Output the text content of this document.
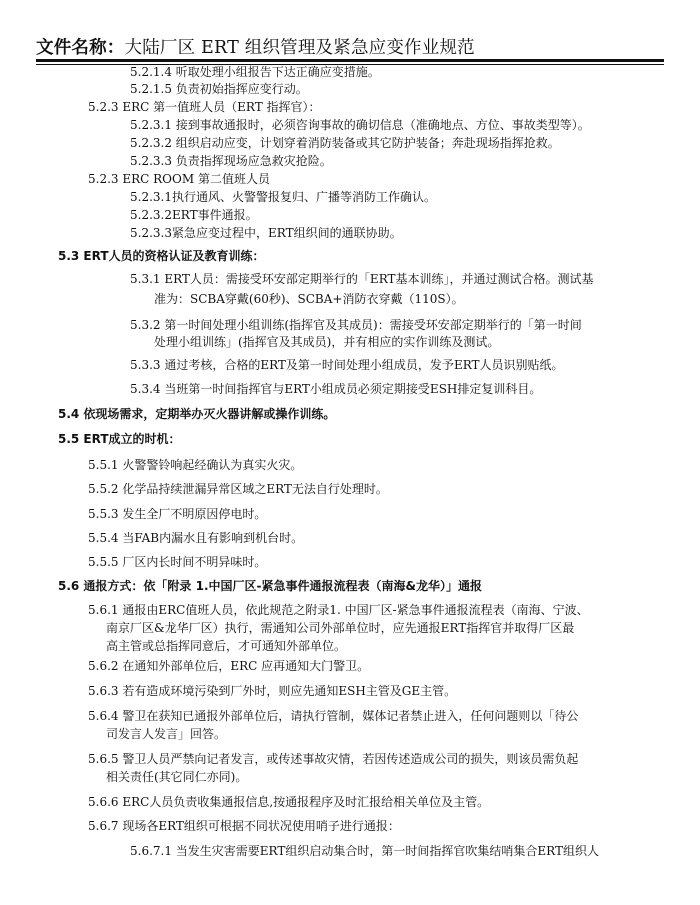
文件名称：大陆厂区 ERT 组织管理及紧急应变作业规范
5.2.1.4 听取处理小组报告下达正确应变措施。
5.2.1.5 负责初始指挥应变行动。
5.2.3 ERC 第一值班人员（ERT 指挥官）：
5.2.3.1 接到事故通报时，必须咨询事故的确切信息（准确地点、方位、事故类型等）。
5.2.3.2 组织启动应变，计划穿着消防装备或其它防护装备；奔赴现场指挥抢救。
5.2.3.3 负责指挥现场应急救灾抢险。
5.2.3 ERC ROOM 第二值班人员
5.2.3.1执行通风、火警警报复归、广播等消防工作确认。
5.2.3.2ERT事件通报。
5.2.3.3紧急应变过程中，ERT组织间的通联协助。
5.3 ERT人员的资格认证及教育训练：
5.3.1 ERT人员：需接受环安部定期举行的「ERT基本训练」，并通过测试合格。测试基
准为：SCBA穿戴(60秒)、SCBA+消防衣穿戴（110S）。
5.3.2 第一时间处理小组训练(指挥官及其成员)：需接受环安部定期举行的「第一时间
处理小组训练」(指挥官及其成员)，并有相应的实作训练及测试。
5.3.3 通过考核，合格的ERT及第一时间处理小组成员，发予ERT人员识别贴纸。
5.3.4 当班第一时间指挥官与ERT小组成员必须定期接受ESH排定复训科目。
5.4 依现场需求，定期举办灭火器讲解或操作训练。
5.5 ERT成立的时机：
5.5.1 火警警铃响起经确认为真实火灾。
5.5.2 化学品持续泄漏异常区域之ERT无法自行处理时。
5.5.3 发生全厂不明原因停电时。
5.5.4 当FAB内漏水且有影响到机台时。
5.5.5 厂区内长时间不明异味时。
5.6 通报方式：依「附录 1.中国厂区-紧急事件通报流程表（南海&龙华）」通报
5.6.1 通报由ERC值班人员，依此规范之附录1. 中国厂区-紧急事件通报流程表（南海、宁波、
南京厂区&龙华厂区）执行，需通知公司外部单位时，应先通报ERT指挥官并取得厂区最
高主管或总指挥同意后，才可通知外部单位。
5.6.2 在通知外部单位后，ERC 应再通知大门警卫。
5.6.3 若有造成环境污染到厂外时，则应先通知ESH主管及GE主管。
5.6.4 警卫在获知已通报外部单位后，请执行管制，媒体记者禁止进入，任何问题则以「待公
司发言人发言」回答。
5.6.5 警卫人员严禁向记者发言，或传述事故灾情，若因传述造成公司的损失，则该员需负起
相关责任(其它同仁亦同)。
5.6.6 ERC人员负责收集通报信息,按通报程序及时汇报给相关单位及主管。
5.6.7 现场各ERT组织可根据不同状况使用哨子进行通报：
5.6.7.1 当发生灾害需要ERT组织启动集合时，第一时间指挥官吹集结哨集合ERT组织人
